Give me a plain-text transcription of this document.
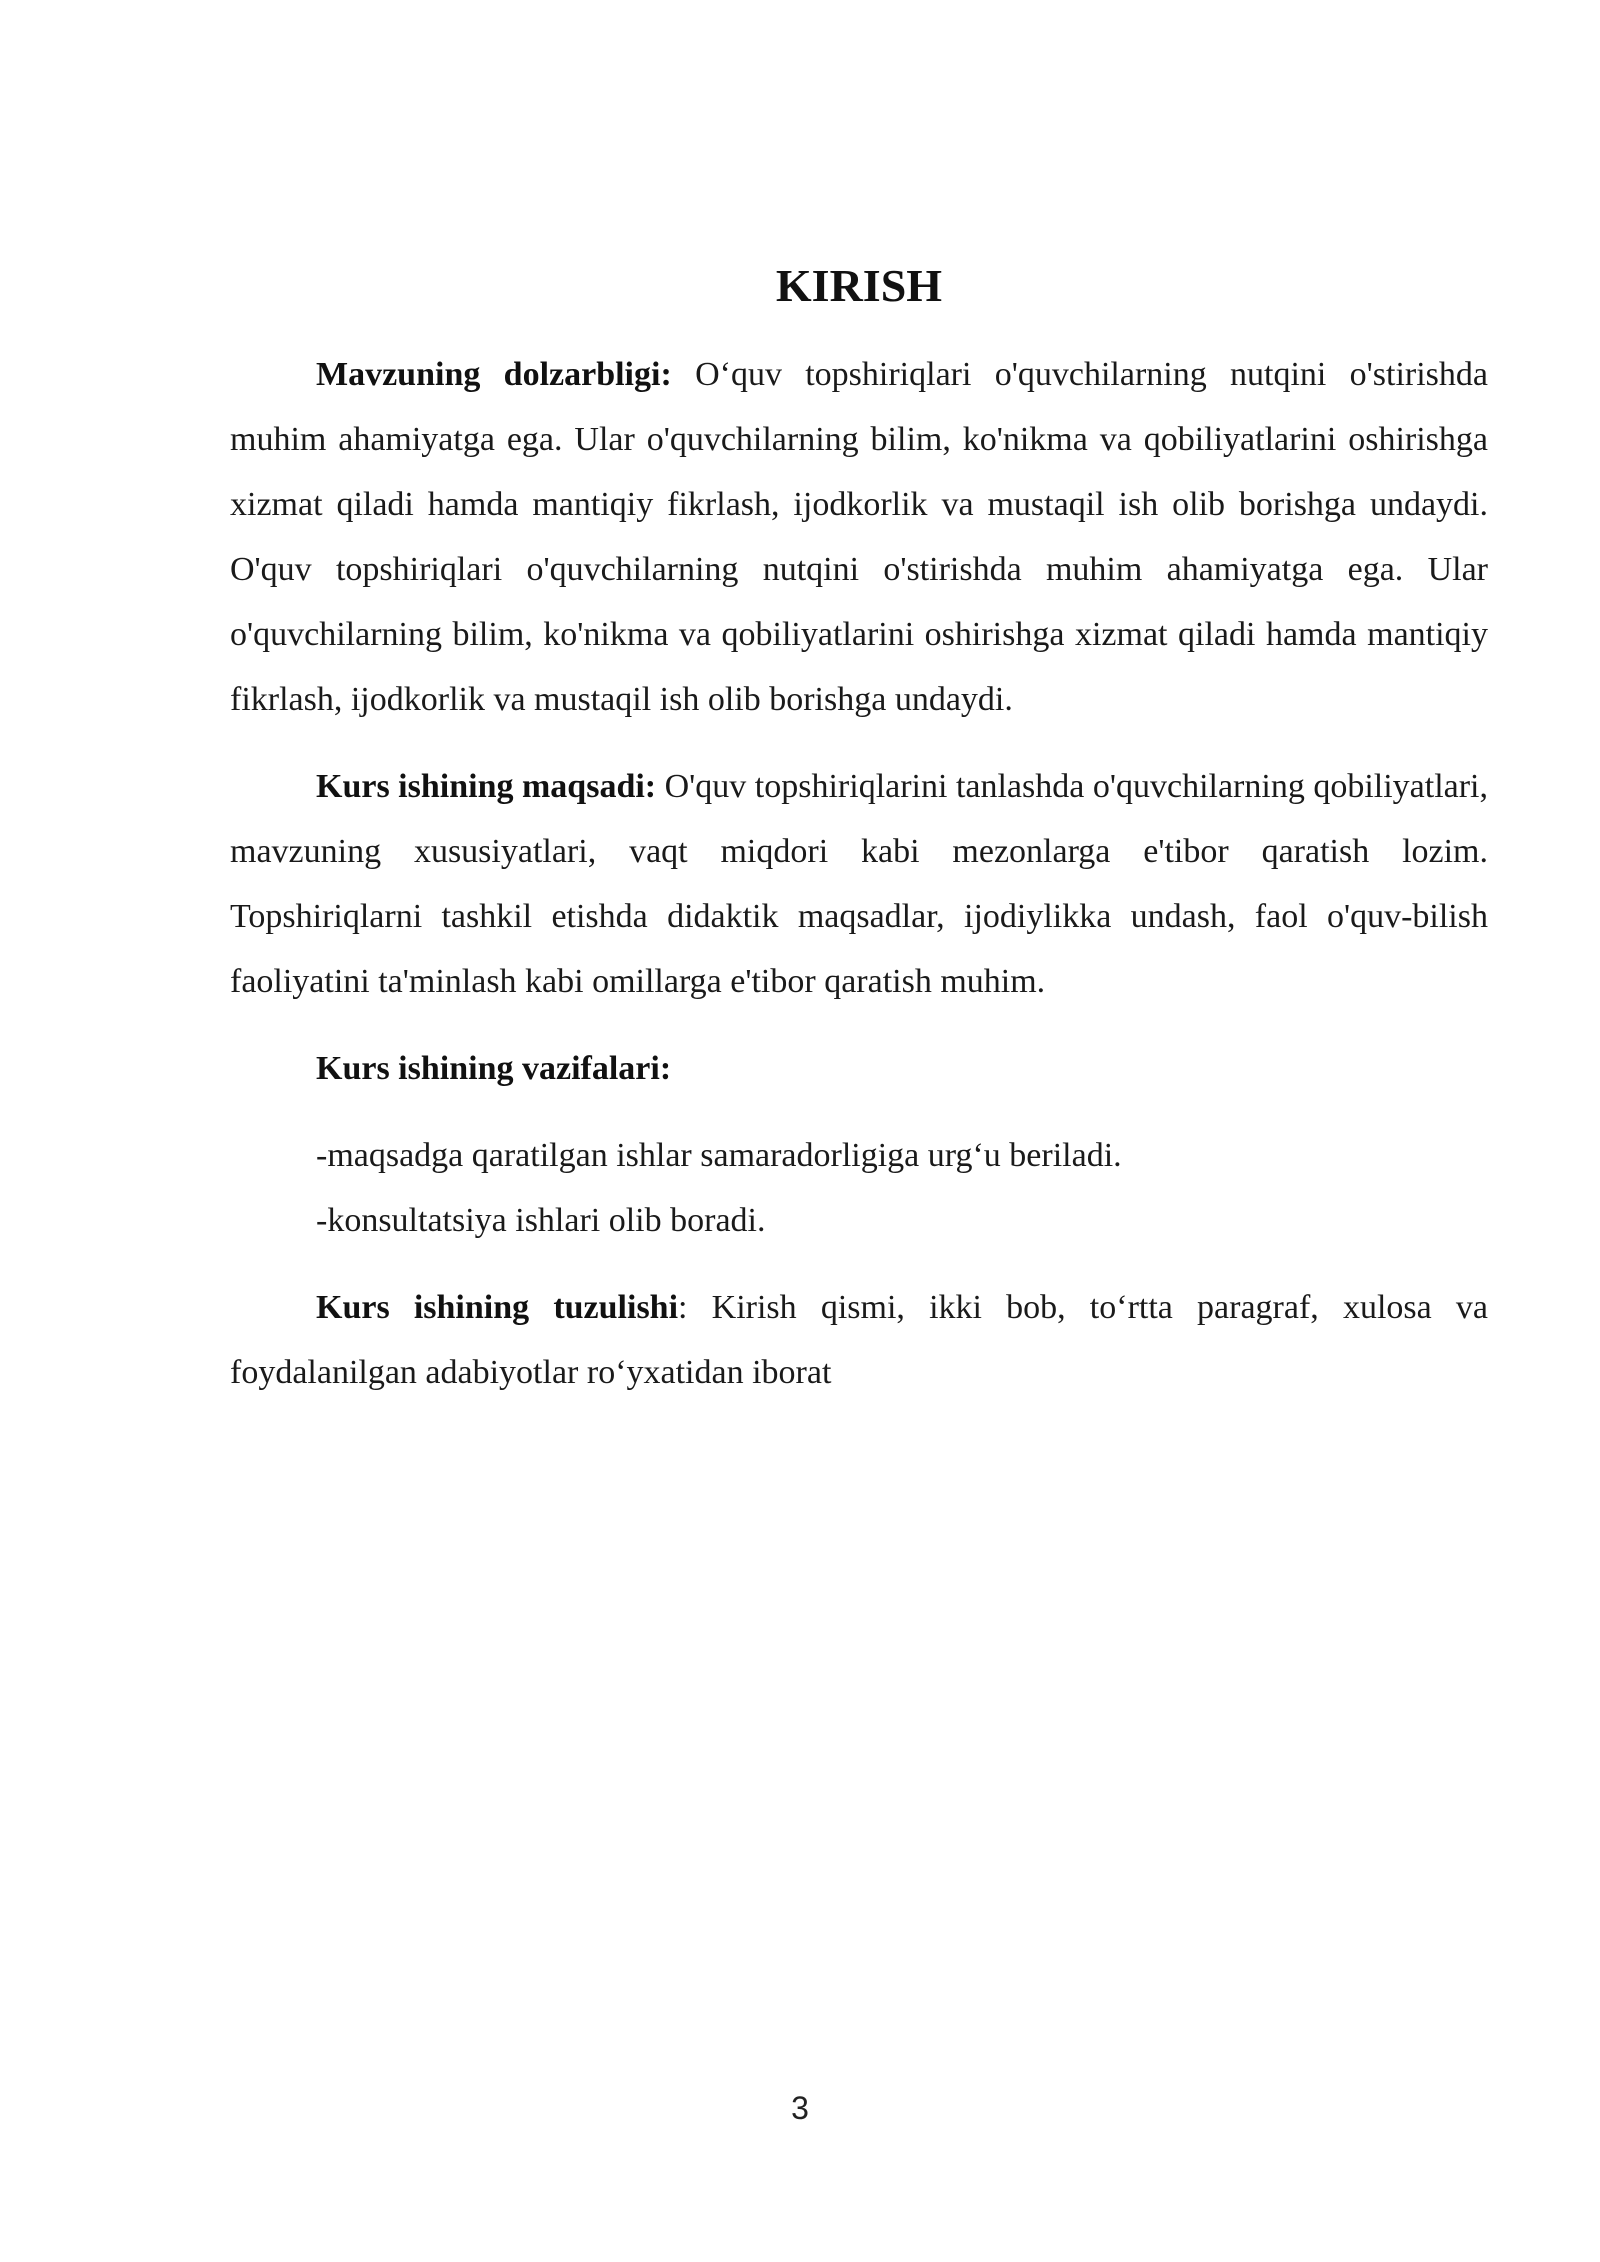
KIRISH

Mavzuning dolzarbligi: O‘quv topshiriqlari o'quvchilarning nutqini o'stirishda muhim ahamiyatga ega. Ular o'quvchilarning bilim, ko'nikma va qobiliyatlarini oshirishga xizmat qiladi hamda mantiqiy fikrlash, ijodkorlik va mustaqil ish olib borishga undaydi. O'quv topshiriqlari o'quvchilarning nutqini o'stirishda muhim ahamiyatga ega. Ular o'quvchilarning bilim, ko'nikma va qobiliyatlarini oshirishga xizmat qiladi hamda mantiqiy fikrlash, ijodkorlik va mustaqil ish olib borishga undaydi.

Kurs ishining maqsadi: O'quv topshiriqlarini tanlashda o'quvchilarning qobiliyatlari, mavzuning xususiyatlari, vaqt miqdori kabi mezonlarga e'tibor qaratish lozim. Topshiriqlarni tashkil etishda didaktik maqsadlar, ijodiylikka undash, faol o'quv-bilish faoliyatini ta'minlash kabi omillarga e'tibor qaratish muhim.

Kurs ishining vazifalari:

-maqsadga qaratilgan ishlar samaradorligiga urg‘u beriladi.

-konsultatsiya ishlari olib boradi.

Kurs ishining tuzulishi: Kirish qismi, ikki bob, to‘rtta paragraf, xulosa va foydalanilgan adabiyotlar ro‘yxatidan iborat

3
